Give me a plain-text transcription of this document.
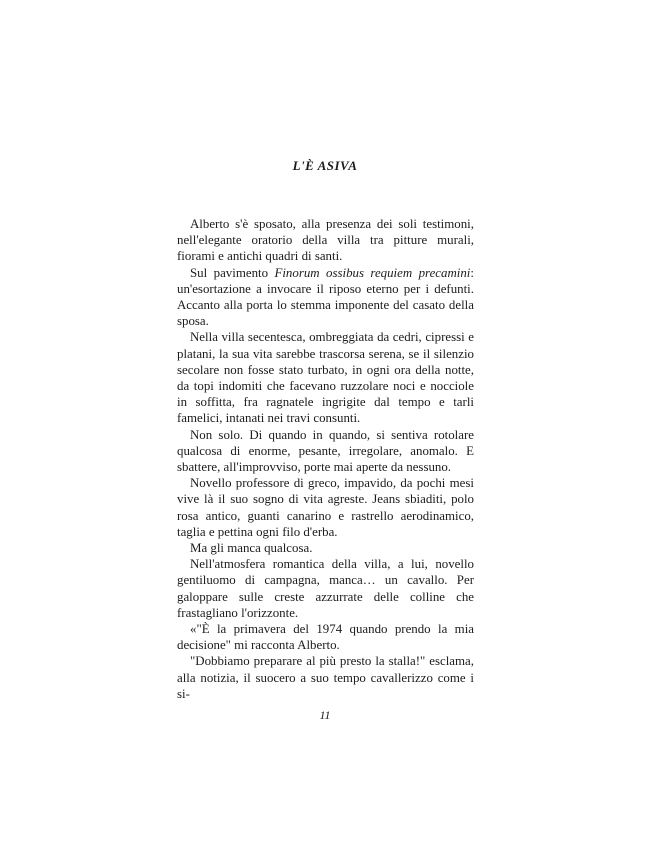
L'È ASIVA

Alberto s'è sposato, alla presenza dei soli testimoni, nell'elegante oratorio della villa tra pitture murali, fiorami e antichi quadri di santi.

Sul pavimento Finorum ossibus requiem precamini: un'esortazione a invocare il riposo eterno per i defunti. Accanto alla porta lo stemma imponente del casato della sposa.

Nella villa secentesca, ombreggiata da cedri, cipressi e platani, la sua vita sarebbe trascorsa serena, se il silenzio secolare non fosse stato turbato, in ogni ora della notte, da topi indomiti che facevano ruzzolare noci e nocciole in soffitta, fra ragnatele ingrigite dal tempo e tarli famelici, intanati nei travi consunti.

Non solo. Di quando in quando, si sentiva rotolare qualcosa di enorme, pesante, irregolare, anomalo. E sbattere, all'improvviso, porte mai aperte da nessuno.

Novello professore di greco, impavido, da pochi mesi vive là il suo sogno di vita agreste. Jeans sbiaditi, polo rosa antico, guanti canarino e rastrello aerodinamico, taglia e pettina ogni filo d'erba.

Ma gli manca qualcosa.

Nell'atmosfera romantica della villa, a lui, novello gentiluomo di campagna, manca… un cavallo. Per galoppare sulle creste azzurrate delle colline che frastagliano l'orizzonte.

«"È la primavera del 1974 quando prendo la mia decisione" mi racconta Alberto.

"Dobbiamo preparare al più presto la stalla!" esclama, alla notizia, il suocero a suo tempo cavallerizzo come i si-

11
